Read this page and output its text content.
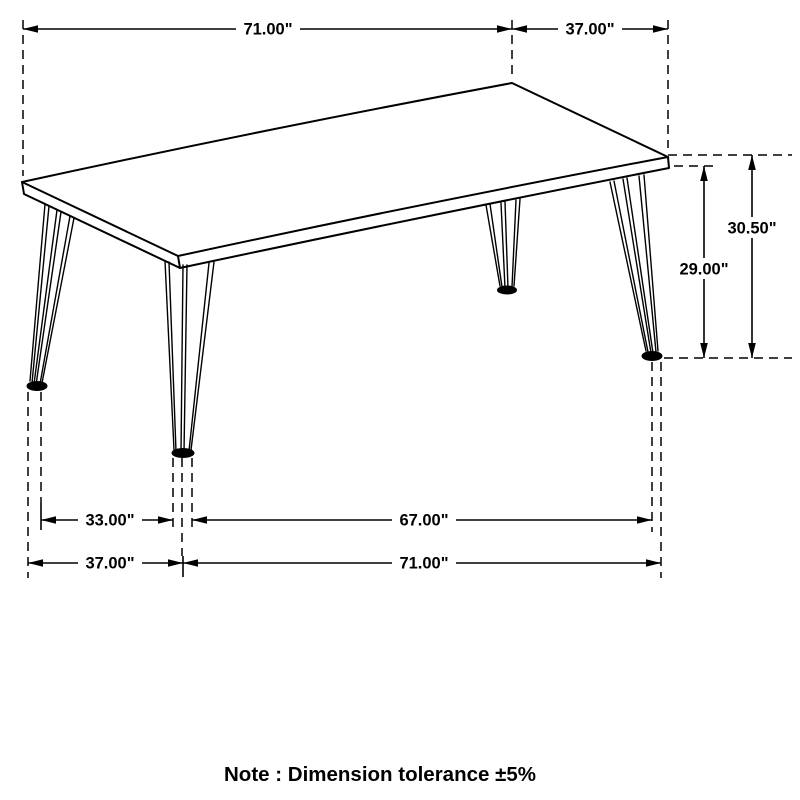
71.00"	37.00"
30.50"
29.00"
33.00"	67.00"
37.00"	71.00"
Note : Dimension tolerance ±5%
